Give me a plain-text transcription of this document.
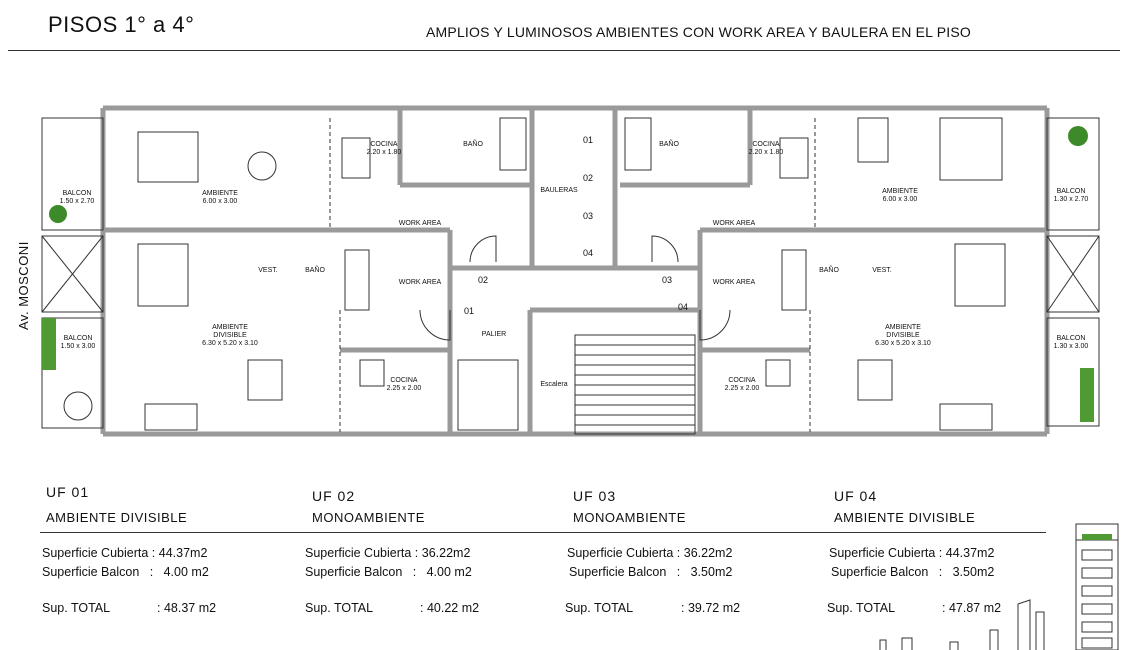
PISOS 1° a 4°	AMPLIOS Y LUMINOSOS AMBIENTES CON WORK AREA Y BAULERA EN EL PISO
Av. MOSCONI
BALCON
1.50 x 2.70
AMBIENTE
6.00 x 3.00
COCINA
2.20 x 1.80
BAÑO
WORK AREA
WORK AREA
VEST.	BAÑO
BALCON
1.50 x 3.00
AMBIENTE
DIVISIBLE
6.30 x 5.20 x 3.10
COCINA
2.25 x 2.00
BAULERAS
01
02
03
04
02	03
01	04
PALIER
Escalera
BAÑO	COCINA
2.20 x 1.80
AMBIENTE
6.00 x 3.00
BALCON
1.30 x 2.70
WORK AREA
WORK AREA
BAÑO	VEST.
AMBIENTE
DIVISIBLE
6.30 x 5.20 x 3.10
BALCON
1.30 x 3.00
COCINA
2.25 x 2.00
UF 01
AMBIENTE DIVISIBLE
UF 02
MONOAMBIENTE
UF 03
MONOAMBIENTE
UF 04
AMBIENTE DIVISIBLE
Superficie Cubierta : 44.37m2
Superficie Balcon : 4.00 m2
Sup. TOTAL	: 48.37 m2
Superficie Cubierta : 36.22m2
Superficie Balcon : 4.00 m2
Sup. TOTAL	: 40.22 m2
Superficie Cubierta : 36.22m2
Superficie Balcon : 3.50m2
Sup. TOTAL	: 39.72 m2
Superficie Cubierta : 44.37m2
Superficie Balcon : 3.50m2
Sup. TOTAL	: 47.87 m2
